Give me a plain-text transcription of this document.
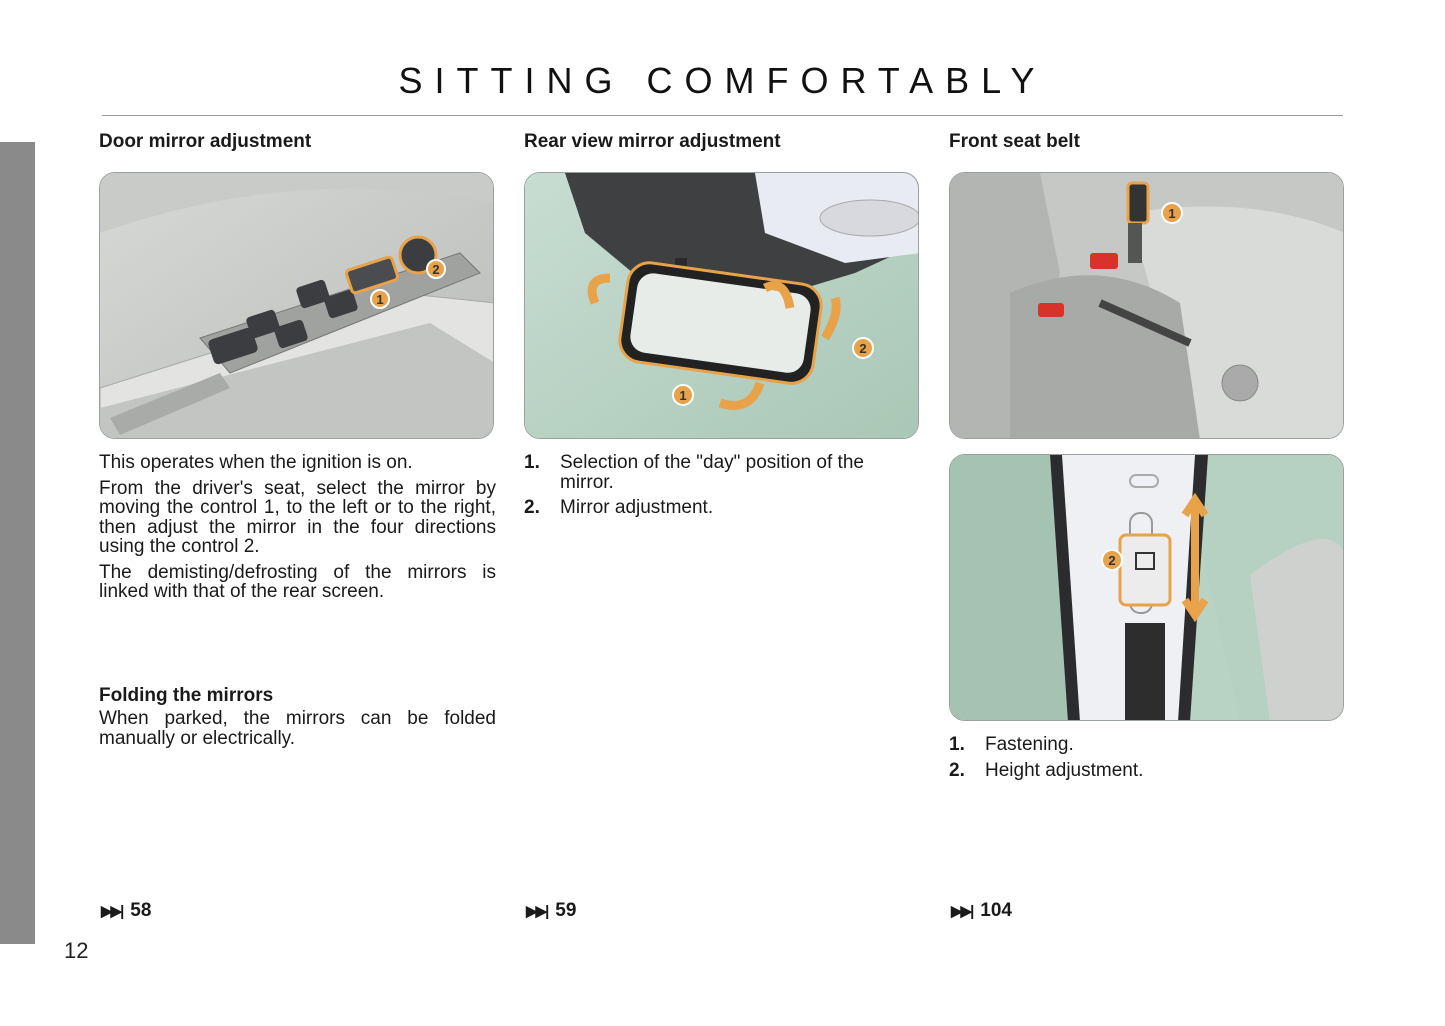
SITTING COMFORTABLY
Door mirror adjustment
1
2

This operates when the ignition is on.

From the driver's seat, select the mirror by moving the control 1, to the left or to the right, then adjust the mirror in the four directions using the control 2.

The demisting/defrosting of the mirrors is linked with that of the rear screen.

Folding the mirrors

When parked, the mirrors can be folded manually or electrically.

Rear view mirror adjustment
1
2
1.	Selection of the "day" position of the mirror.
2.	Mirror adjustment.
Front seat belt
1
2
1.	Fastening.
2.	Height adjustment.
▶▶| 58	▶▶| 59	▶▶| 104
12
